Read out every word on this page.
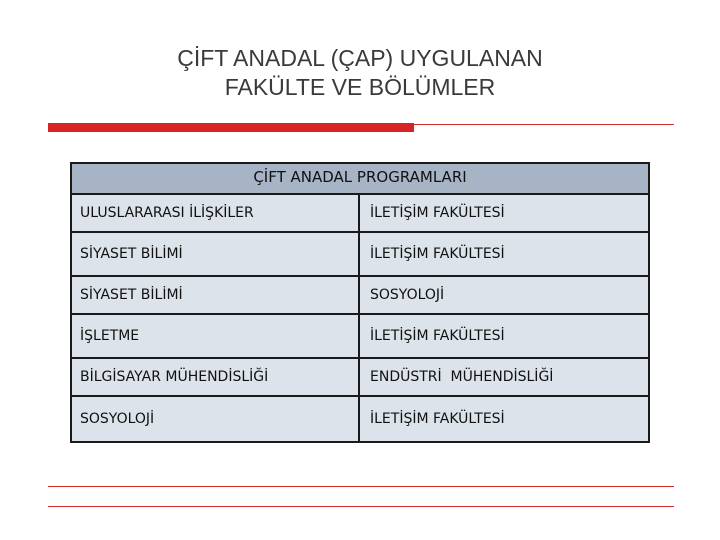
ÇİFT ANADAL (ÇAP) UYGULANAN
FAKÜLTE VE BÖLÜMLER
ÇİFT ANADAL PROGRAMLARI	
ULUSLARARASI İLİŞKİLER	İLETİŞİM FAKÜLTESİ
SİYASET BİLİMİ	İLETİŞİM FAKÜLTESİ
SİYASET BİLİMİ	SOSYOLOJİ
İŞLETME	İLETİŞİM FAKÜLTESİ
BİLGİSAYAR MÜHENDİSLİĞİ	ENDÜSTRİ  MÜHENDİSLİĞİ
SOSYOLOJİ	İLETİŞİM FAKÜLTESİ
